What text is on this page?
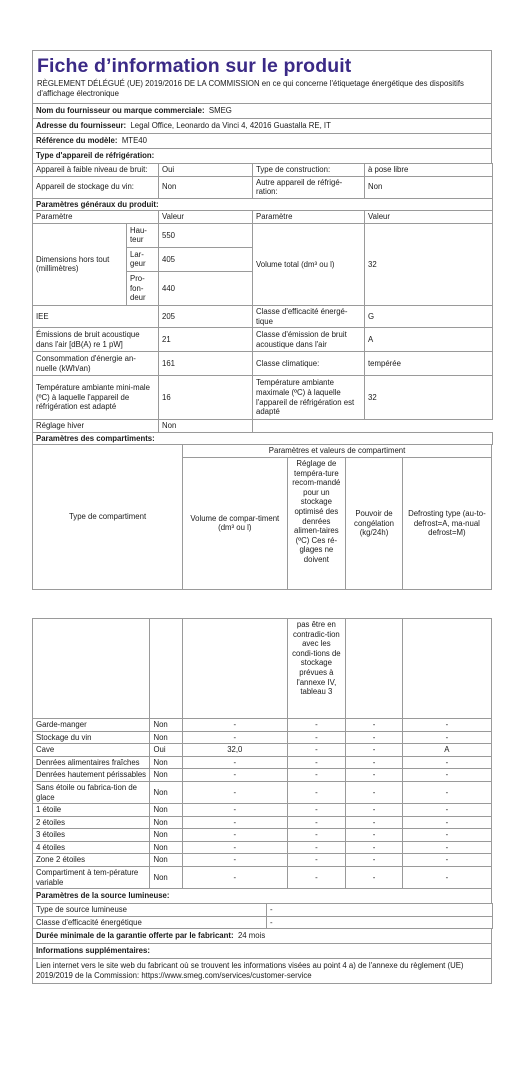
Fiche d’information sur le produit
RÈGLEMENT DÉLÉGUÉ (UE) 2019/2016 DE LA COMMISSION en ce qui concerne l'étiquetage énergétique des dispositifs d'affichage électronique
Nom du fournisseur ou marque commerciale: SMEG
Adresse du fournisseur: Legal Office, Leonardo da Vinci 4, 42016 Guastalla RE, IT
Référence du modèle: MTE40
Type d'appareil de réfrigération:
Appareil à faible niveau de bruit:	Oui	Type de construction:	à pose libre
Appareil de stockage du vin:	Non	Autre appareil de réfrigé-ration:	Non
Paramètres généraux du produit:			
Paramètre		Valeur	Paramètre	Valeur
Dimensions hors tout (millimètres)	Hau-teur	550	Volume total (dm³ ou l)	32
	Lar-geur	405		
	Pro-fon-deur	440		
IEE		205	Classe d'efficacité énergé-tique	G
Émissions de bruit acoustique dans l'air [dB(A) re 1 pW]		21	Classe d'émission de bruit acoustique dans l'air	A
Consommation d'énergie an-nuelle (kWh/an)		161	Classe climatique:	tempérée
Température ambiante mini-male (ºC) à laquelle l'appareil de réfrigération est adapté		16	Température ambiante maximale (ºC) à laquelle l'appareil de réfrigération est adapté	32
Réglage hiver		Non		
Paramètres des compartiments:				
Type de compartiment	Paramètres et valeurs de compartiment			
	Volume de compar-timent (dm³ ou l)	Réglage de tempéra-ture recom-mandé pour un stockage optimisé des denrées alimen-taires (ºC) Ces ré-glages ne doivent	Pouvoir de congélation (kg/24h)	Defrosting type (au-to-defrost=A, ma-nual defrost=M)
			pas être en contradic-tion avec les condi-tions de stockage prévues à l'annexe IV, tableau 3		
Garde-manger	Non	-	-	-	-
Stockage du vin	Non	-	-	-	-
Cave	Oui	32,0	-	-	A
Denrées alimentaires fraîches	Non	-	-	-	-
Denrées hautement périssables	Non	-	-	-	-
Sans étoile ou fabrica-tion de glace	Non	-	-	-	-
1 étoile	Non	-	-	-	-
2 étoiles	Non	-	-	-	-
3 étoiles	Non	-	-	-	-
4 étoiles	Non	-	-	-	-
Zone 2 étoiles	Non	-	-	-	-
Compartiment à tem-pérature variable	Non	-	-	-	-
Paramètres de la source lumineuse:
Type de source lumineuse	-
Classe d'efficacité énergétique	-
Durée minimale de la garantie offerte par le fabricant: 24 mois
Informations supplémentaires:
Lien internet vers le site web du fabricant où se trouvent les informations visées au point 4 a) de l'annexe du règlement (UE) 2019/2019 de la Commission: https://www.smeg.com/services/customer-service
